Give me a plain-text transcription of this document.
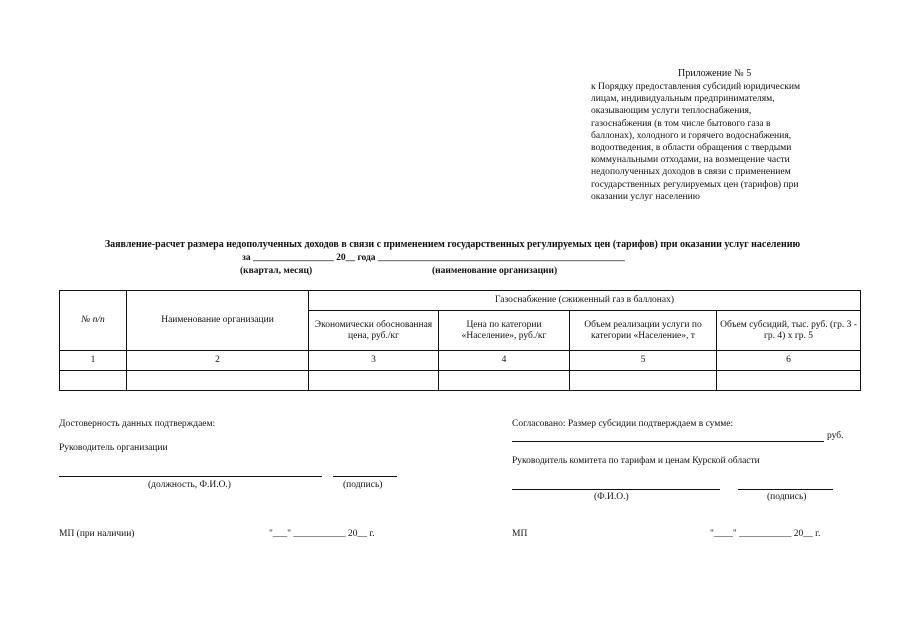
Приложение № 5
к Порядку предоставления субсидий юридическим
лицам, индивидуальным предпринимателям,
оказывающим услуги теплоснабжения,
газоснабжения (в том числе бытового газа в
баллонах), холодного и горячего водоснабжения,
водоотведения, в области обращения с твердыми
коммунальными отходами, на возмещение части
недополученных доходов в связи с применением
государственных регулируемых цен (тарифов) при
оказании услуг населению
Заявление-расчет размера недополученных доходов в связи с применением государственных регулируемых цен (тарифов) при оказании услуг населению
за _________________ 20__ года ____________________________________________________
(квартал, месяц)	(наименование организации)
№ п/п	Наименование организации	Газоснабжение (сжиженный газ в баллонах)			
		Экономически обоснованная цена, руб./кг	Цена по категории «Население», руб./кг	Объем реализации услуги по категории «Население», т	Объем субсидий, тыс. руб. (гр. 3 - гр. 4) х гр. 5
1	2	3	4	5	6

Достоверность данных подтверждаем:
Руководитель организации
(должность, Ф.И.О.)	(подпись)
МП (при наличии)	"___" ___________ 20__ г.
Согласовано: Размер субсидии подтверждаем в сумме:
руб.
Руководитель комитета по тарифам и ценам Курской области
(Ф.И.О.)	(подпись)
МП	"____" ___________ 20__ г.
